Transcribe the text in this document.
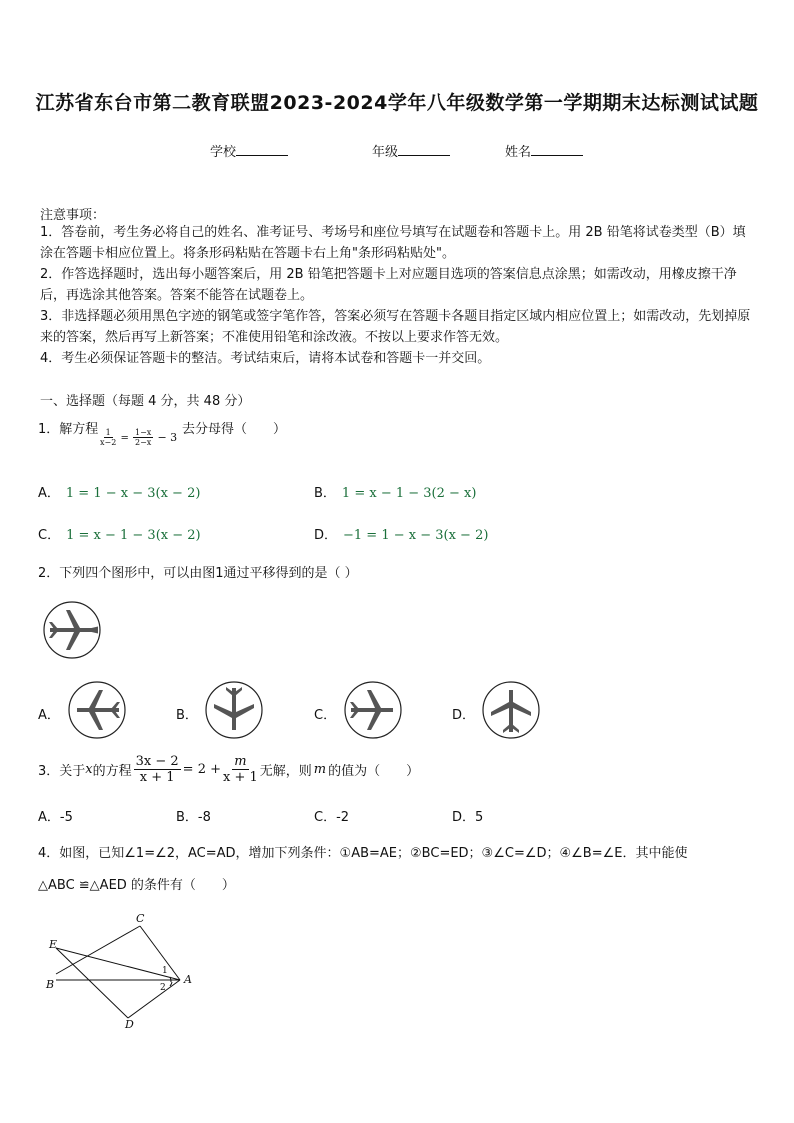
江苏省东台市第二教育联盟2023-2024学年八年级数学第一学期期末达标测试试题
学校	年级	姓名
注意事项：
1．答卷前，考生务必将自己的姓名、准考证号、考场号和座位号填写在试题卷和答题卡上。用 2B 铅笔将试卷类型（B）填涂在答题卡相应位置上。将条形码粘贴在答题卡右上角"条形码粘贴处"。
2．作答选择题时，选出每小题答案后，用 2B 铅笔把答题卡上对应题目选项的答案信息点涂黑；如需改动，用橡皮擦干净后，再选涂其他答案。答案不能答在试题卷上。
3．非选择题必须用黑色字迹的钢笔或签字笔作答，答案必须写在答题卡各题目指定区域内相应位置上；如需改动，先划掉原来的答案，然后再写上新答案；不准使用铅笔和涂改液。不按以上要求作答无效。
4．考生必须保证答题卡的整洁。考试结束后，请将本试卷和答题卡一并交回。
一、选择题（每题 4 分，共 48 分）
1．解方程 $\frac{1}{x-2} = \frac{1-x}{2-x} - 3$
去分母得（　　）
A． 1 = 1 − x − 3(x − 2)	B． 1 = x − 1 − 3(2 − x)
C． 1 = x − 1 − 3(x − 2)	D． −1 = 1 − x − 3(x − 2)
2．下列四个图形中，可以由图1通过平移得到的是（ ）
A．	B．	C．	D．
3．关于 x 的方程 $\frac{3x - 2}{x + 1} = 2 + \frac{m}{x + 1}$ 无解，则 m 的值为（　　）
A．-5	B．-8	C．-2	D．5
4．如图，已知∠1=∠2，AC=AD，增加下列条件：①AB=AE；②BC=ED；③∠C=∠D；④∠B=∠E．其中能使
△ABC ≌△AED 的条件有（　　）
C
E
B	A
D
1
2
